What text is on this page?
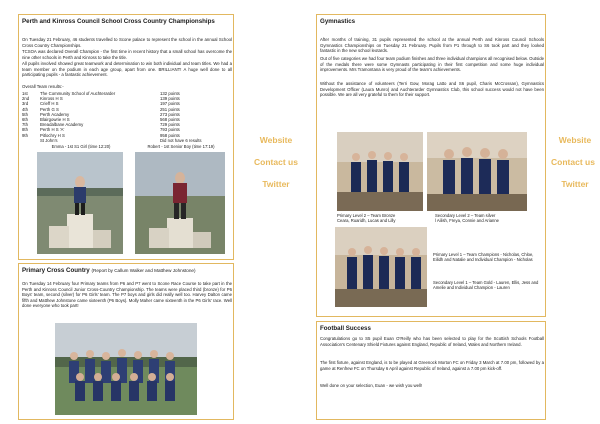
Perth and Kinross Council School Cross Country Championships
On Tuesday 21 February, 46 students travelled to Scone palace to represent the school in the annual School Cross Country Championships.
TCSOA was declared Overall Champion - the first time in recent history that a small school has overcome the nine other schools in Perth and Kinross to take the title.
All pupils involved showed great teamwork and determination to win both individual and team titles. We had a team member on the podium in each age group, apart from one. BRILLIANT! A huge well done to all participating pupils - a fantastic achievement.
Overall Team results:-
1st	The Community School of Auchterarder	132 points
2nd	Kinross H S	139 points
3rd	Crieff H S	197 points
4th	Perth G S	251 points
5th	Perth Academy	273 points
6th	Blairgowrie H S	568 points
7th	Breadalbane Academy	729 points
8th	Perth H S 'A'	793 points
9th	Pitlochry H S	958 points
	St John's	Did not have 6 results
Emma - 1st S1 Girl (time 12:20)	Robert - 1st Senior Boy (time 17:19)
Primary Cross Country (Report by Callum Walker and Matthew Johnstone)
On Tuesday 14 February four Primary teams from P6 and P7 went to Scone Race Course to take part in the Perth and Kinross Council Junior Cross-Country Championship. The teams were placed third (bronze) for P6 Boys' team, second (silver) for P6 Girls' team. The P7 boys and girls did really well too. Harvey Dalton came fifth and Matthew Johnstone came sixteenth (P6 Boys). Molly Maher came sixteenth in the P6 Girls' race. Well done everyone who took part!
Website
Contact us
Twitter
Website
Contact us
Twitter
Gymnastics
After months of training, 31 pupils represented the school at the annual Perth and Kinross Council Schools Gymnastics Championships on Tuesday 21 February. Pupils from P1 through to S6 took part and they looked fantastic in the new school leotards.
Out of five categories we had four team podium finishes and three individual champions all recognised below. Outside of the medals there were some Gymnasts participating in their first competition and some huge individual improvements. Mrs Tramontana is very proud of the team's achievements.
Without the assistance of volunteers (Terri Gow, Morag Latto and S6 pupil, Charis McCrossan), Gymnastics Development Officer (Laura Munro) and Auchterarder Gymnastics Club, this school success would not have been possible. We are all very grateful to them for their support.
Primary Level 2 – Team Bronze
Ceara, Ruaridh, Lucas and Lilly
Secondary Level 2 – Team silver
l Ailish, Freya, Connie and Arianne
Primary Level 1 – Team Champions - Nicholas, Chloe, Eilidh and Natalie and Individual Champion - Nicholas
Secondary Level 1 – Team Gold - Lauren, Ellis, Jess and Amelie and Individual Champion - Lauren
Football Success
Congratulations go to S5 pupil Euan O'Reilly who has been selected to play for the Scottish Schools Football Association's Centenary Shield Fixtures against England, Republic of Ireland, Wales and Northern Ireland.
The first fixture, against England, is to be played at Greenock Morton FC on Friday 3 March at 7.00 pm, followed by a game at Renfrew FC on Thursday 6 April against Republic of Ireland, against a 7.00 pm kick-off.
Well done on your selection, Euan - we wish you well!
